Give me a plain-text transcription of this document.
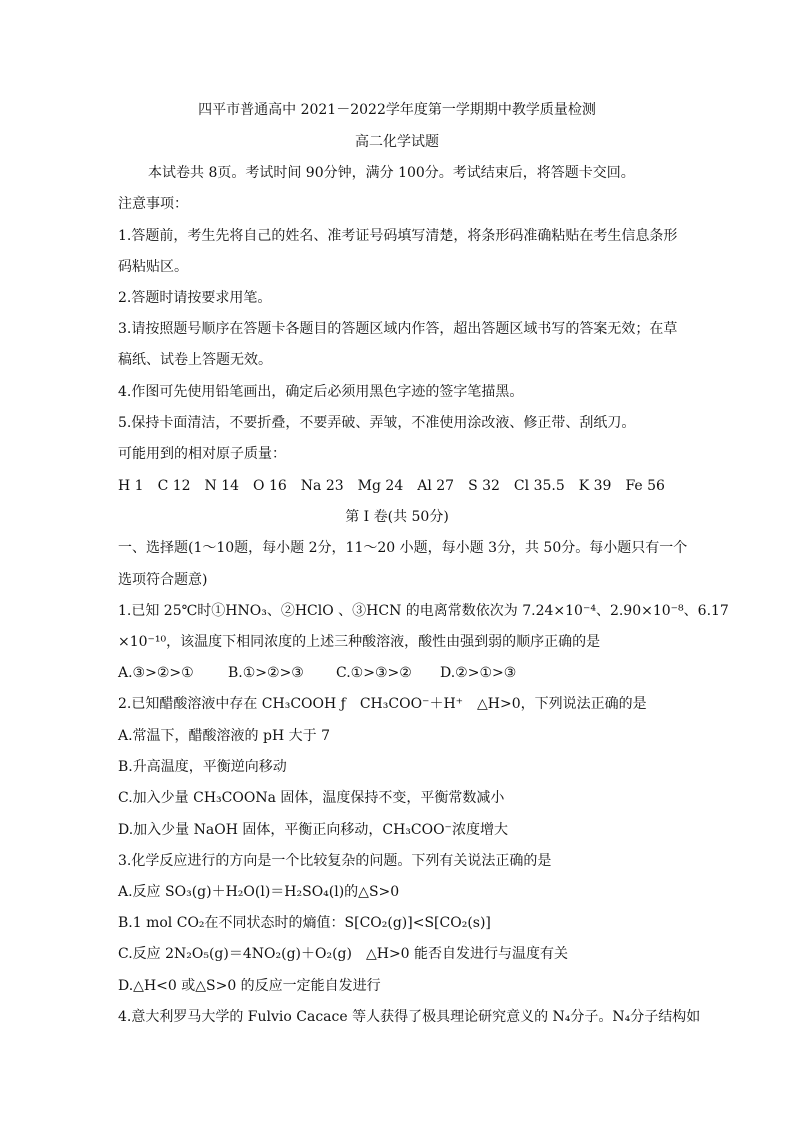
四平市普通高中 2021－2022学年度第一学期期中教学质量检测
高二化学试题
本试卷共 8页。考试时间 90分钟，满分 100分。考试结束后，将答题卡交回。
注意事项：
1.答题前，考生先将自己的姓名、准考证号码填写清楚，将条形码准确粘贴在考生信息条形
码粘贴区。
2.答题时请按要求用笔。
3.请按照题号顺序在答题卡各题目的答题区域内作答，超出答题区域书写的答案无效；在草
稿纸、试卷上答题无效。
4.作图可先使用铅笔画出，确定后必须用黑色字迹的签字笔描黑。
5.保持卡面清洁，不要折叠，不要弄破、弄皱，不准使用涂改液、修正带、刮纸刀。
可能用到的相对原子质量：
H 1　C 12　N 14　O 16　Na 23　Mg 24　Al 27　S 32　Cl 35.5　K 39　Fe 56
第 I 卷(共 50分)
一、选择题(1～10题，每小题 2分，11～20 小题，每小题 3分，共 50分。每小题只有一个
选项符合题意)
1.已知 25℃时①HNO₃、②HClO 、③HCN 的电离常数依次为 7.24×10⁻⁴、2.90×10⁻⁸、6.17
×10⁻¹⁰，该温度下相同浓度的上述三种酸溶液，酸性由强到弱的顺序正确的是
A.③>②>① B.①>②>③ C.①>③>② D.②>①>③
2.已知醋酸溶液中存在 CH₃COOH ƒ　CH₃COO⁻＋H⁺　△H>0，下列说法正确的是
A.常温下，醋酸溶液的 pH 大于 7
B.升高温度，平衡逆向移动
C.加入少量 CH₃COONa 固体，温度保持不变，平衡常数减小
D.加入少量 NaOH 固体，平衡正向移动，CH₃COO⁻浓度增大
3.化学反应进行的方向是一个比较复杂的问题。下列有关说法正确的是
A.反应 SO₃(g)＋H₂O(l)＝H₂SO₄(l)的△S>0
B.1 mol CO₂在不同状态时的熵值：S[CO₂(g)]<S[CO₂(s)]
C.反应 2N₂O₅(g)＝4NO₂(g)＋O₂(g)　△H>0 能否自发进行与温度有关
D.△H<0 或△S>0 的反应一定能自发进行
4.意大利罗马大学的 Fulvio Cacace 等人获得了极具理论研究意义的 N₄分子。N₄分子结构如
